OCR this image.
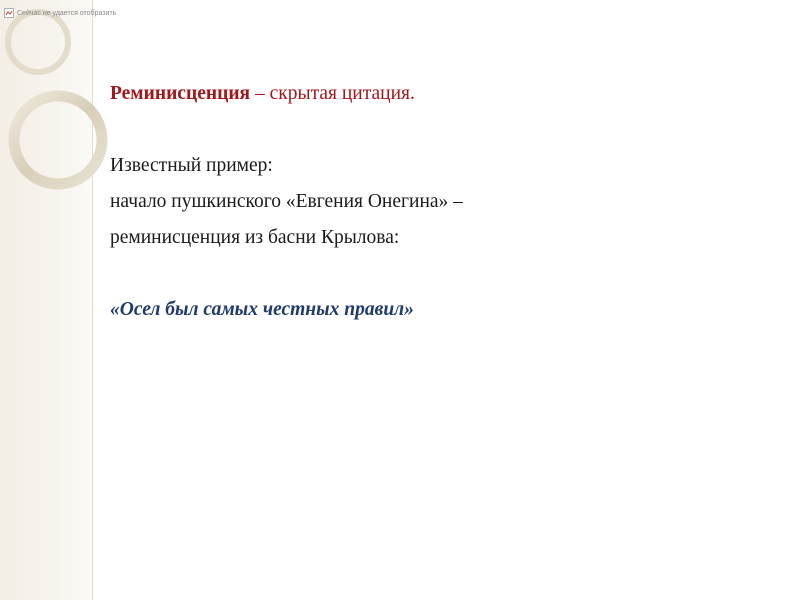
Сейчас не удается отобразить
Реминисценция – скрытая цитация.
Известный пример:
начало пушкинского «Евгения Онегина» –
реминисценция из басни Крылова:
«Осел был самых честных правил»
